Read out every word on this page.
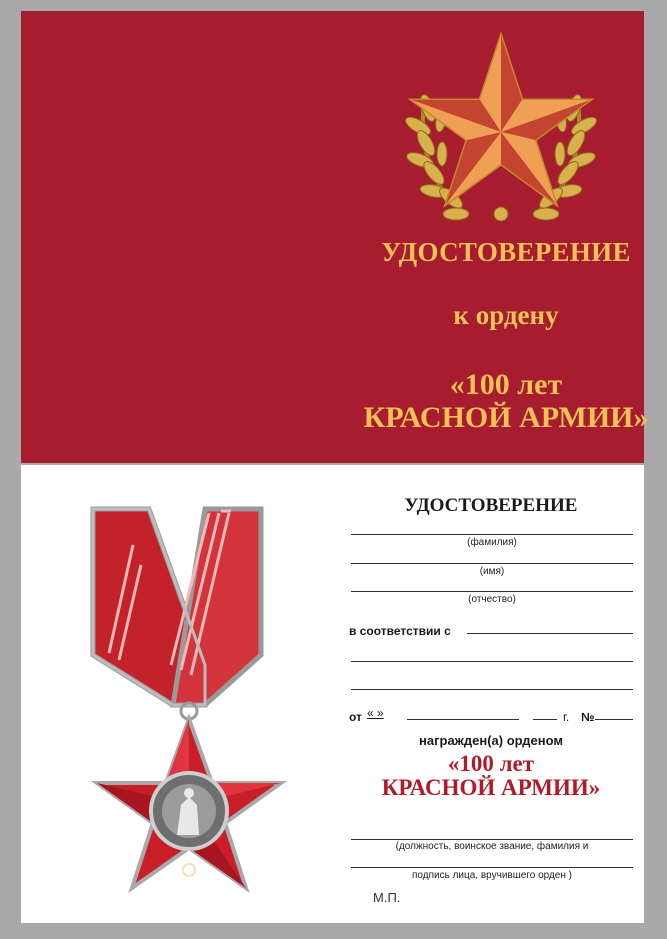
УДОСТОВЕРЕНИЕ
к ордену
«100 лет
КРАСНОЙ АРМИИ»
УДОСТОВЕРЕНИЕ
(фамилия)
(имя)
(отчество)
в соответствии с
от « »	г. №
награжден(а) орденом
«100 лет
КРАСНОЙ АРМИИ»
(должность, воинское звание, фамилия и
подпись лица, вручившего орден )
М.П.
